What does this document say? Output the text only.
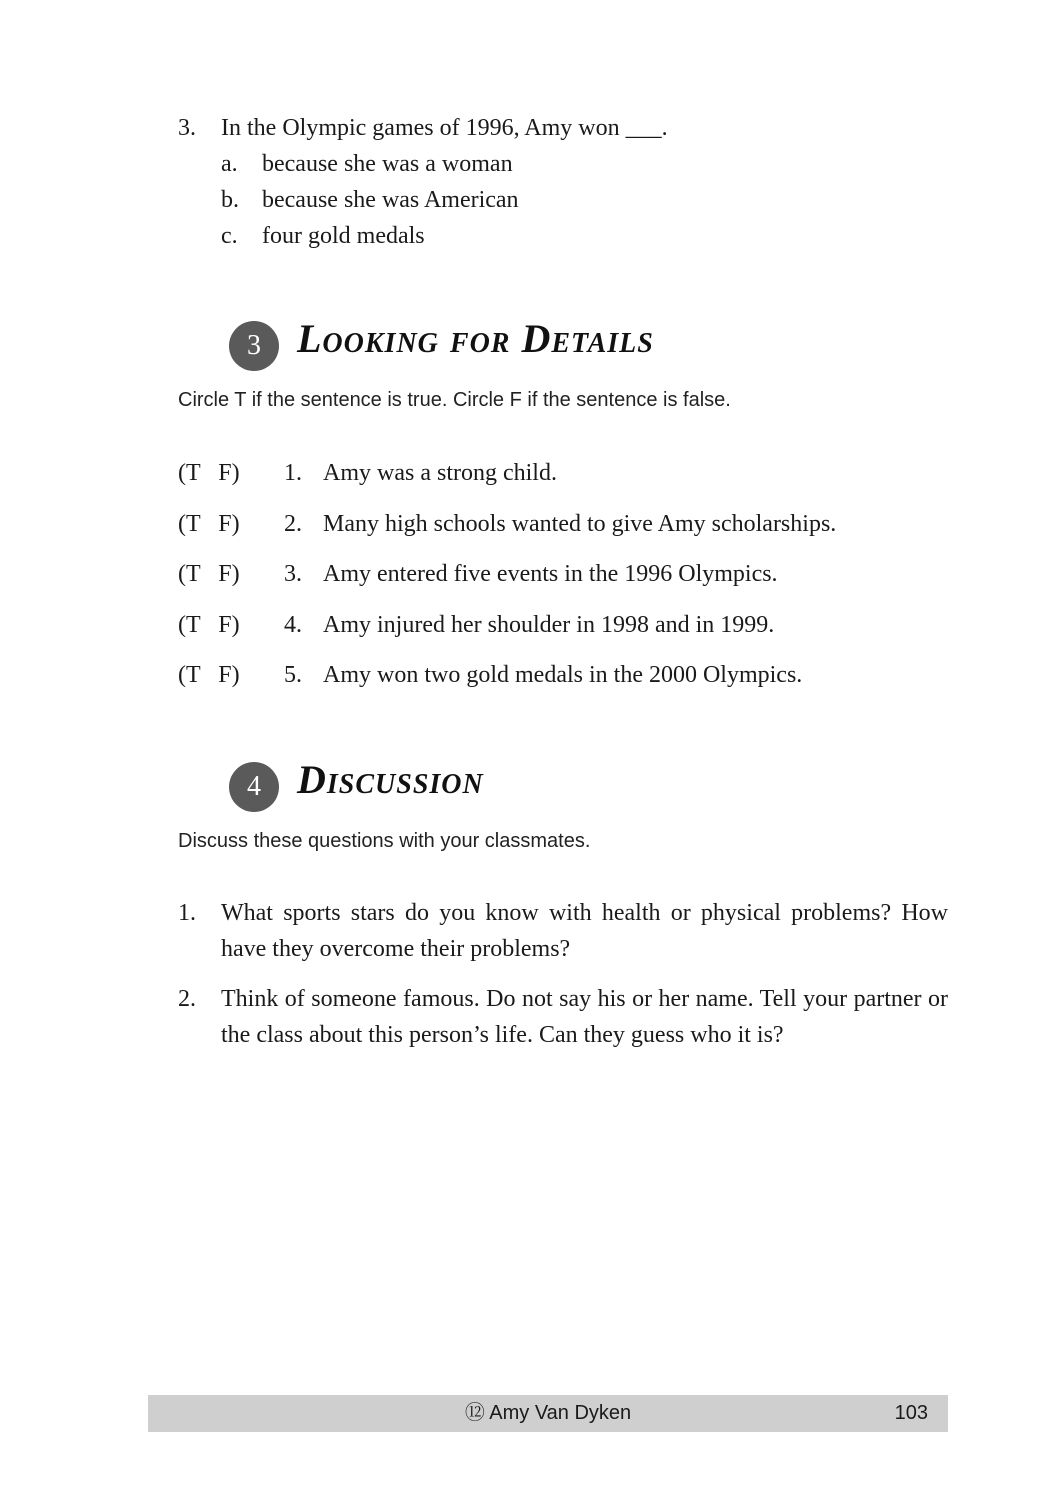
3. In the Olympic games of 1996, Amy won ___.
a. because she was a woman
b. because she was American
c. four gold medals
3 Looking for Details
Circle T if the sentence is true. Circle F if the sentence is false.
(T   F) 1. Amy was a strong child.
(T   F) 2. Many high schools wanted to give Amy scholarships.
(T   F) 3. Amy entered five events in the 1996 Olympics.
(T   F) 4. Amy injured her shoulder in 1998 and in 1999.
(T   F) 5. Amy won two gold medals in the 2000 Olympics.
4 Discussion
Discuss these questions with your classmates.
1. What sports stars do you know with health or physical problems? How have they overcome their problems?
2. Think of someone famous. Do not say his or her name. Tell your partner or the class about this person’s life. Can they guess who it is?
⑫ Amy Van Dyken	103
